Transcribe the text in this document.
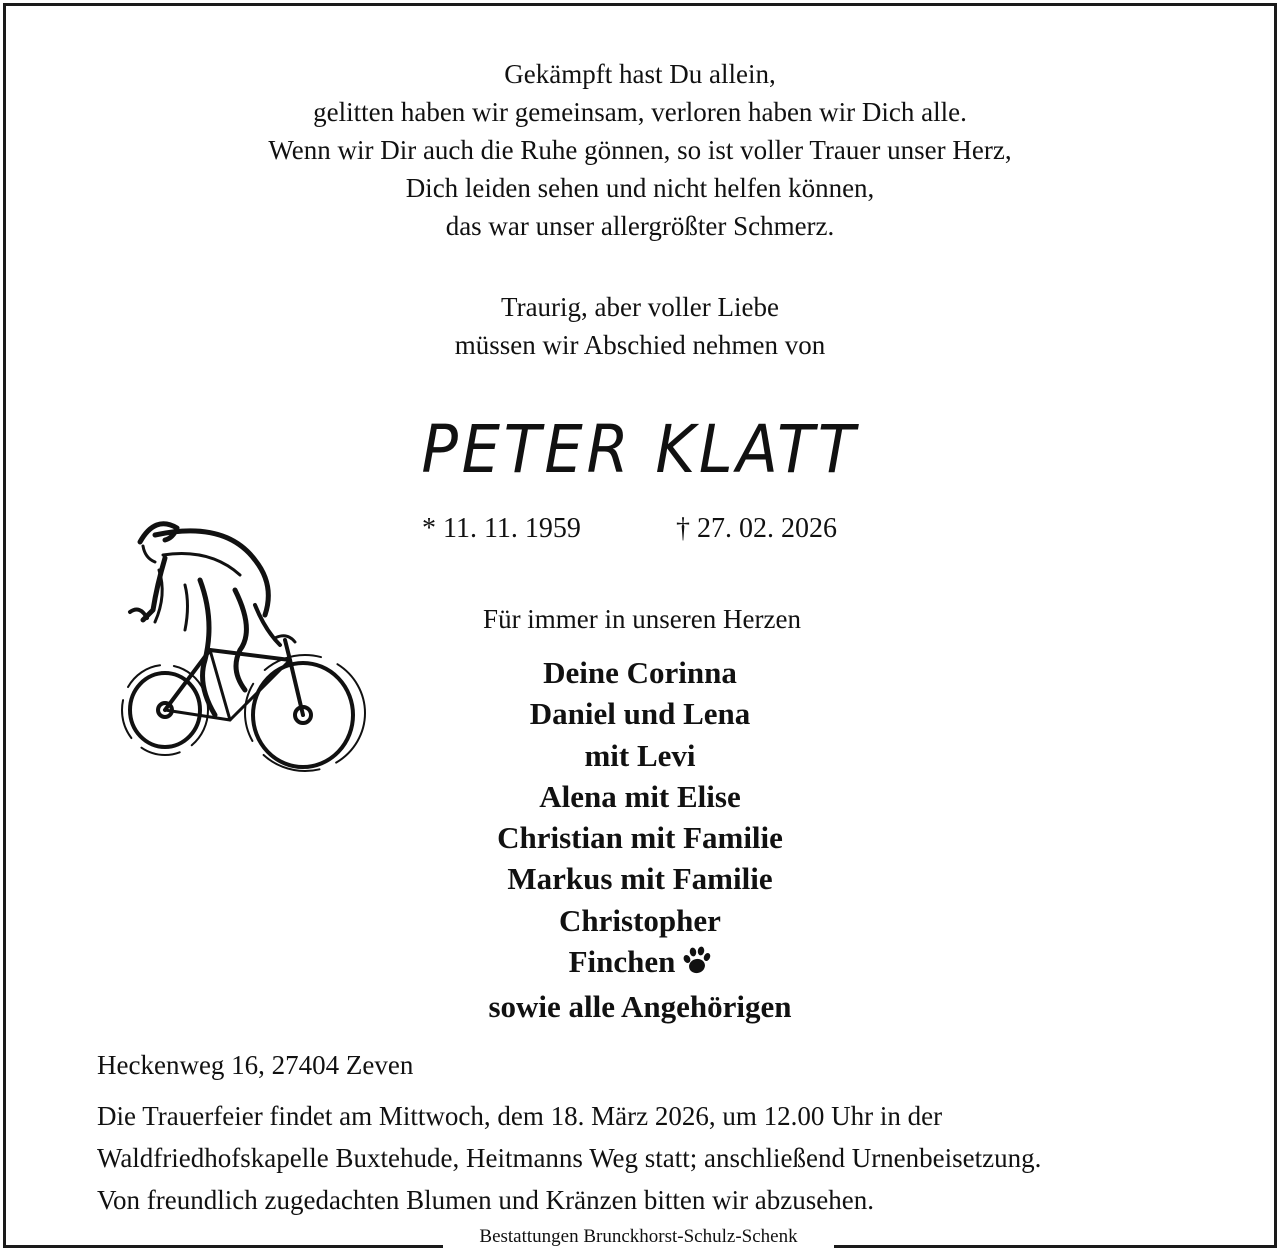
Gekämpft hast Du allein,
gelitten haben wir gemeinsam, verloren haben wir Dich alle.
Wenn wir Dir auch die Ruhe gönnen, so ist voller Trauer unser Herz,
Dich leiden sehen und nicht helfen können,
das war unser allergrößter Schmerz.
Traurig, aber voller Liebe
müssen wir Abschied nehmen von
PETER KLATT
* 11. 11. 1959	† 27. 02. 2026
Für immer in unseren Herzen
Deine Corinna
Daniel und Lena
mit Levi
Alena mit Elise
Christian mit Familie
Markus mit Familie
Christopher
Finchen
sowie alle Angehörigen
Heckenweg 16, 27404 Zeven
Die Trauerfeier findet am Mittwoch, dem 18. März 2026, um 12.00 Uhr in der
Waldfriedhofskapelle Buxtehude, Heitmanns Weg statt; anschließend Urnenbeisetzung.
Von freundlich zugedachten Blumen und Kränzen bitten wir abzusehen.
Bestattungen Brunckhorst-Schulz-Schenk
